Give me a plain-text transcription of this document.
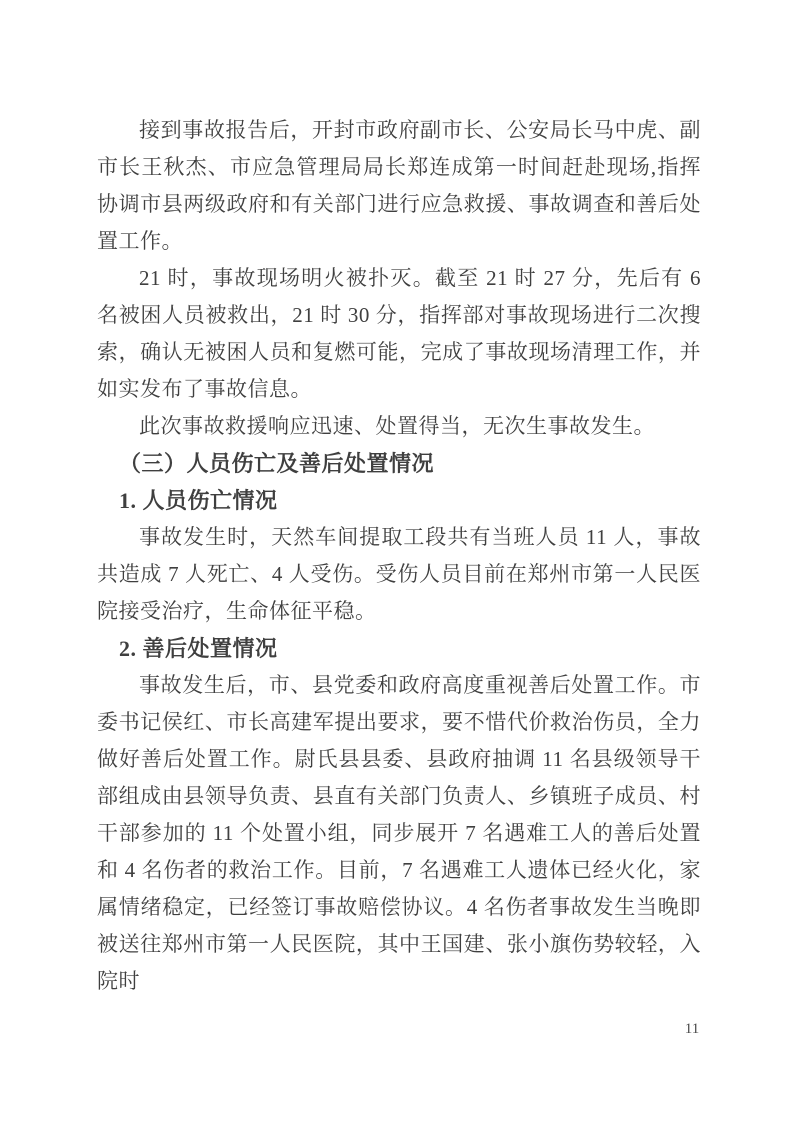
接到事故报告后，开封市政府副市长、公安局长马中虎、副市长王秋杰、市应急管理局局长郑连成第一时间赶赴现场,指挥协调市县两级政府和有关部门进行应急救援、事故调查和善后处置工作。

21 时，事故现场明火被扑灭。截至 21 时 27 分，先后有 6 名被困人员被救出，21 时 30 分，指挥部对事故现场进行二次搜索，确认无被困人员和复燃可能，完成了事故现场清理工作，并如实发布了事故信息。

此次事故救援响应迅速、处置得当，无次生事故发生。

（三）人员伤亡及善后处置情况
1. 人员伤亡情况

事故发生时，天然车间提取工段共有当班人员 11 人，事故共造成 7 人死亡、4 人受伤。受伤人员目前在郑州市第一人民医院接受治疗，生命体征平稳。

2. 善后处置情况

事故发生后，市、县党委和政府高度重视善后处置工作。市委书记侯红、市长高建军提出要求，要不惜代价救治伤员，全力做好善后处置工作。尉氏县县委、县政府抽调 11 名县级领导干部组成由县领导负责、县直有关部门负责人、乡镇班子成员、村干部参加的 11 个处置小组，同步展开 7 名遇难工人的善后处置和 4 名伤者的救治工作。目前，7 名遇难工人遗体已经火化，家属情绪稳定，已经签订事故赔偿协议。4 名伤者事故发生当晚即被送往郑州市第一人民医院，其中王国建、张小旗伤势较轻，入院时

11
